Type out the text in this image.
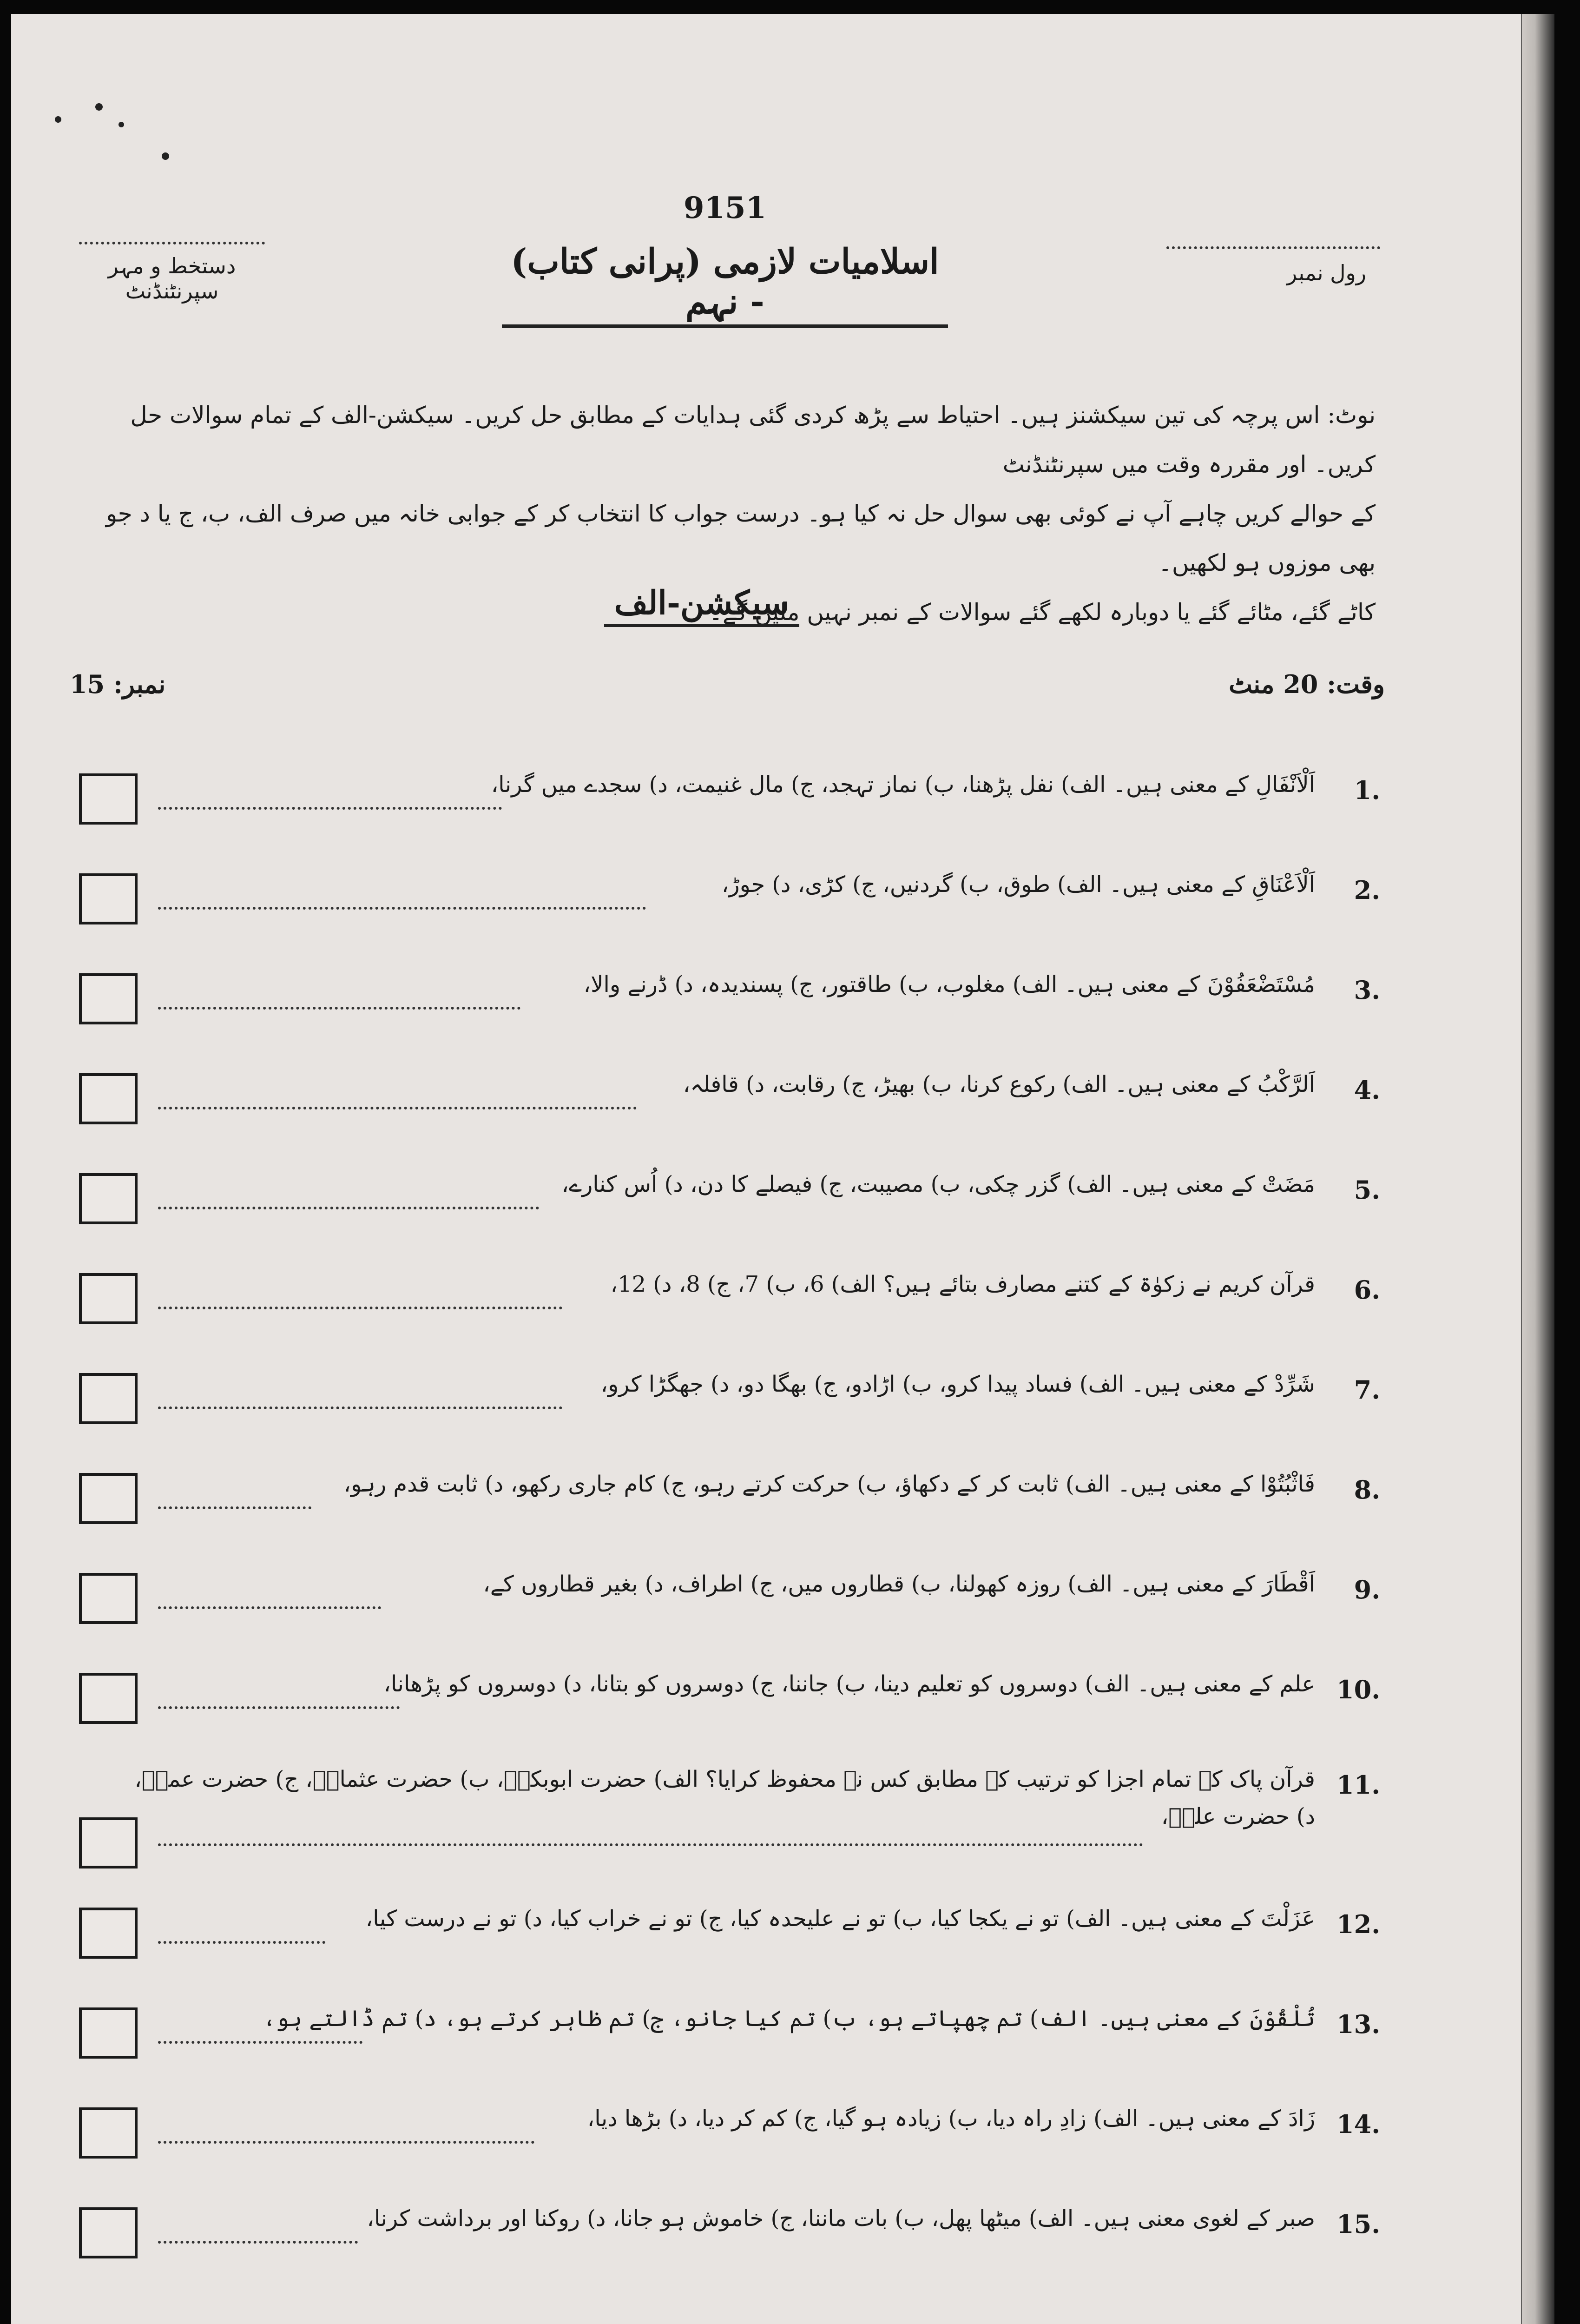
9151
اسلامیات لازمی (پرانی کتاب) - نہم
دستخط و مہر سپرنٹنڈنٹ
رول نمبر
نوٹ: اس پرچہ کی تین سیکشنز ہیں۔ احتیاط سے پڑھ کردی گئی ہدایات کے مطابق حل کریں۔ سیکشن-الف کے تمام سوالات حل کریں۔ اور مقررہ وقت میں سپرنٹنڈنٹ
کے حوالے کریں چاہے آپ نے کوئی بھی سوال حل نہ کیا ہو۔ درست جواب کا انتخاب کر کے جوابی خانہ میں صرف الف، ب، ج یا د جو بھی موزوں ہو لکھیں۔
کاٹے گئے، مٹائے گئے یا دوبارہ لکھے گئے سوالات کے نمبر نہیں ملیں گے۔
سیکشن-الف
وقت: 20 منٹ
نمبر: 15
اَلْاَنْفَالِ کے معنی ہیں۔ الف) نفل پڑھنا، ب) نماز تہجد، ج) مال غنیمت، د) سجدے میں گرنا، 1.
اَلْاَعْنَاقِ کے معنی ہیں۔ الف) طوق، ب) گردنیں، ج) کڑی، د) جوڑ، 2.
مُسْتَضْعَفُوْنَ کے معنی ہیں۔ الف) مغلوب، ب) طاقتور، ج) پسندیدہ، د) ڈرنے والا، 3.
اَلرَّکْبُ کے معنی ہیں۔ الف) رکوع کرنا، ب) بھیڑ، ج) رقابت، د) قافلہ، 4.
مَضَتْ کے معنی ہیں۔ الف) گزر چکی، ب) مصیبت، ج) فیصلے کا دن، د) اُس کنارے، 5.
قرآن کریم نے زکوٰۃ کے کتنے مصارف بتائے ہیں؟ الف) 6، ب) 7، ج) 8، د) 12، 6.
شَرِّدْ کے معنی ہیں۔ الف) فساد پیدا کرو، ب) اڑادو، ج) بھگا دو، د) جھگڑا کرو، 7.
فَاثْبُتُوْا کے معنی ہیں۔ الف) ثابت کر کے دکھاؤ، ب) حرکت کرتے رہو، ج) کام جاری رکھو، د) ثابت قدم رہو، 8.
اَقْطَارَ کے معنی ہیں۔ الف) روزہ کھولنا، ب) قطاروں میں، ج) اطراف، د) بغیر قطاروں کے، 9.
علم کے معنی ہیں۔ الف) دوسروں کو تعلیم دینا، ب) جاننا، ج) دوسروں کو بتانا، د) دوسروں کو پڑھانا، 10.
قرآن پاک کے تمام اجزا کو ترتیب کے مطابق کس نے محفوظ کرایا؟ الف) حضرت ابوبکرؓ، ب) حضرت عثمانؓ، ج) حضرت عمرؓ،
د) حضرت علیؓ،
11.
عَزَلْتَ کے معنی ہیں۔ الف) تو نے یکجا کیا، ب) تو نے علیحدہ کیا، ج) تو نے خراب کیا، د) تو نے درست کیا، 12.
تُلْقُوْنَ کے معنی ہیں۔ الف) تم چھپاتے ہو، ب) تم کیا جانو، ج) تم ظاہر کرتے ہو، د) تم ڈالتے ہو، 13.
زَادَ کے معنی ہیں۔ الف) زادِ راہ دیا، ب) زیادہ ہو گیا، ج) کم کر دیا، د) بڑھا دیا، 14.
صبر کے لغوی معنی ہیں۔ الف) میٹھا پھل، ب) بات ماننا، ج) خاموش ہو جانا، د) روکنا اور برداشت کرنا، 15.
